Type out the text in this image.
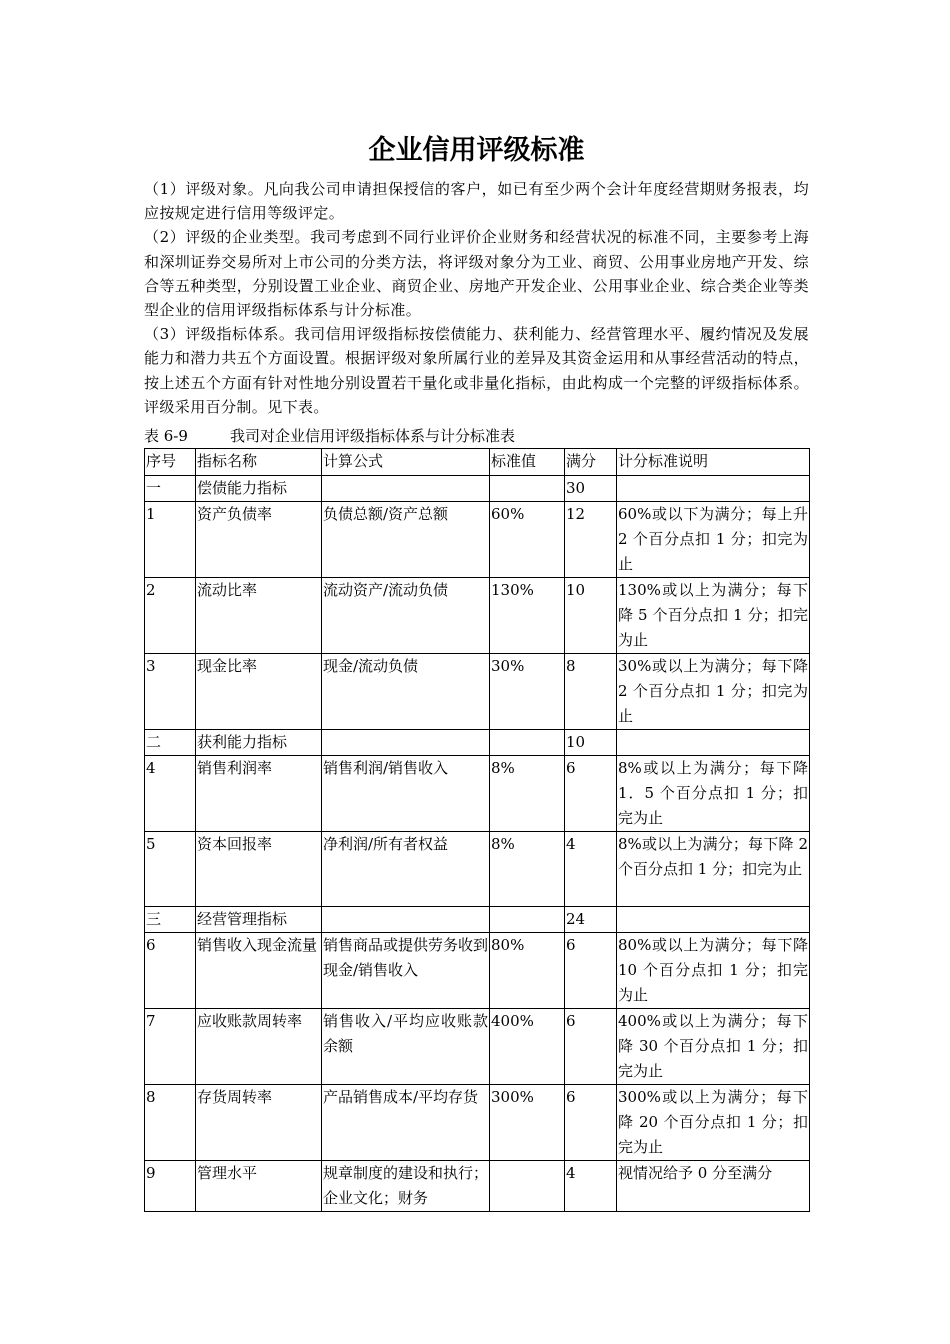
企业信用评级标准

（1）评级对象。凡向我公司申请担保授信的客户，如已有至少两个会计年度经营期财务报表，均应按规定进行信用等级评定。

（2）评级的企业类型。我司考虑到不同行业评价企业财务和经营状况的标准不同，主要参考上海和深圳证券交易所对上市公司的分类方法，将评级对象分为工业、商贸、公用事业房地产开发、综合等五种类型，分别设置工业企业、商贸企业、房地产开发企业、公用事业企业、综合类企业等类型企业的信用评级指标体系与计分标准。

（3）评级指标体系。我司信用评级指标按偿债能力、获利能力、经营管理水平、履约情况及发展能力和潜力共五个方面设置。根据评级对象所属行业的差异及其资金运用和从事经营活动的特点，按上述五个方面有针对性地分别设置若干量化或非量化指标，由此构成一个完整的评级指标体系。评级采用百分制。见下表。

表 6-9	我司对企业信用评级指标体系与计分标准表
序号	指标名称	计算公式	标准值	满分	计分标准说明
一	偿债能力指标			30	
1	资产负债率	负债总额/资产总额	60%	12	60%或以下为满分；每上升 2 个百分点扣 1 分；扣完为止
2	流动比率	流动资产/流动负债	130%	10	130%或以上为满分；每下降 5 个百分点扣 1 分；扣完为止
3	现金比率	现金/流动负债	30%	8	30%或以上为满分；每下降 2 个百分点扣 1 分；扣完为止
二	获利能力指标			10	
4	销售利润率	销售利润/销售收入	8%	6	8%或以上为满分；每下降 1．5 个百分点扣 1 分；扣完为止
5	资本回报率	净利润/所有者权益	8%	4	8%或以上为满分；每下降 2 个百分点扣 1 分；扣完为止
三	经营管理指标			24	
6	销售收入现金流量	销售商品或提供劳务收到现金/销售收入	80%	6	80%或以上为满分；每下降 10 个百分点扣 1 分；扣完为止
7	应收账款周转率	销售收入/平均应收账款余额	400%	6	400%或以上为满分；每下降 30 个百分点扣 1 分；扣完为止
8	存货周转率	产品销售成本/平均存货	300%	6	300%或以上为满分；每下降 20 个百分点扣 1 分；扣完为止
9	管理水平	规章制度的建设和执行；企业文化；财务		4	视情况给予 0 分至满分
